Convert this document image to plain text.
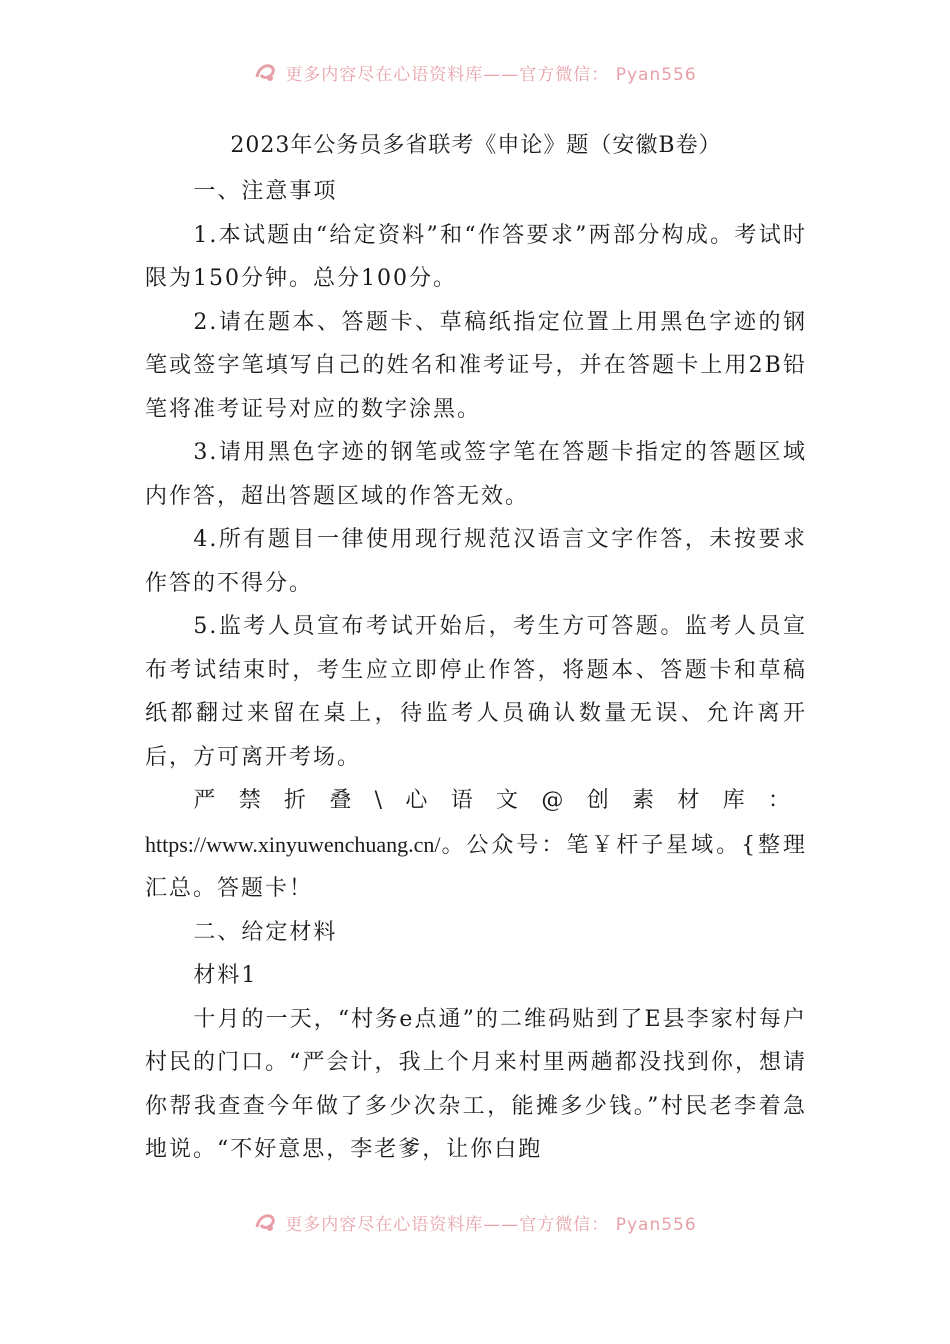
更多内容尽在心语资料库——官方微信： Pyan556
2023年公务员多省联考《申论》题（安徽B卷）

一、注意事项

1.本试题由“给定资料”和“作答要求”两部分构成。考试时限为150分钟。总分100分。

2.请在题本、答题卡、草稿纸指定位置上用黑色字迹的钢笔或签字笔填写自己的姓名和准考证号，并在答题卡上用2B铅笔将准考证号对应的数字涂黑。

3.请用黑色字迹的钢笔或签字笔在答题卡指定的答题区域内作答，超出答题区域的作答无效。

4.所有题目一律使用现行规范汉语言文字作答，未按要求作答的不得分。

5.监考人员宣布考试开始后，考生方可答题。监考人员宣布考试结束时，考生应立即停止作答，将题本、答题卡和草稿纸都翻过来留在桌上，待监考人员确认数量无误、允许离开后，方可离开考场。

严禁折叠\心语文@创素材库：https://www.xinyuwenchuang.cn/。公众号：笔￥杆子星域。{整理汇总。答题卡！

二、给定材料

材料1

十月的一天，“村务e点通”的二维码贴到了E县李家村每户村民的门口。“严会计，我上个月来村里两趟都没找到你，想请你帮我查查今年做了多少次杂工，能摊多少钱。”村民老李着急地说。“不好意思，李老爹，让你白跑

更多内容尽在心语资料库——官方微信： Pyan556
